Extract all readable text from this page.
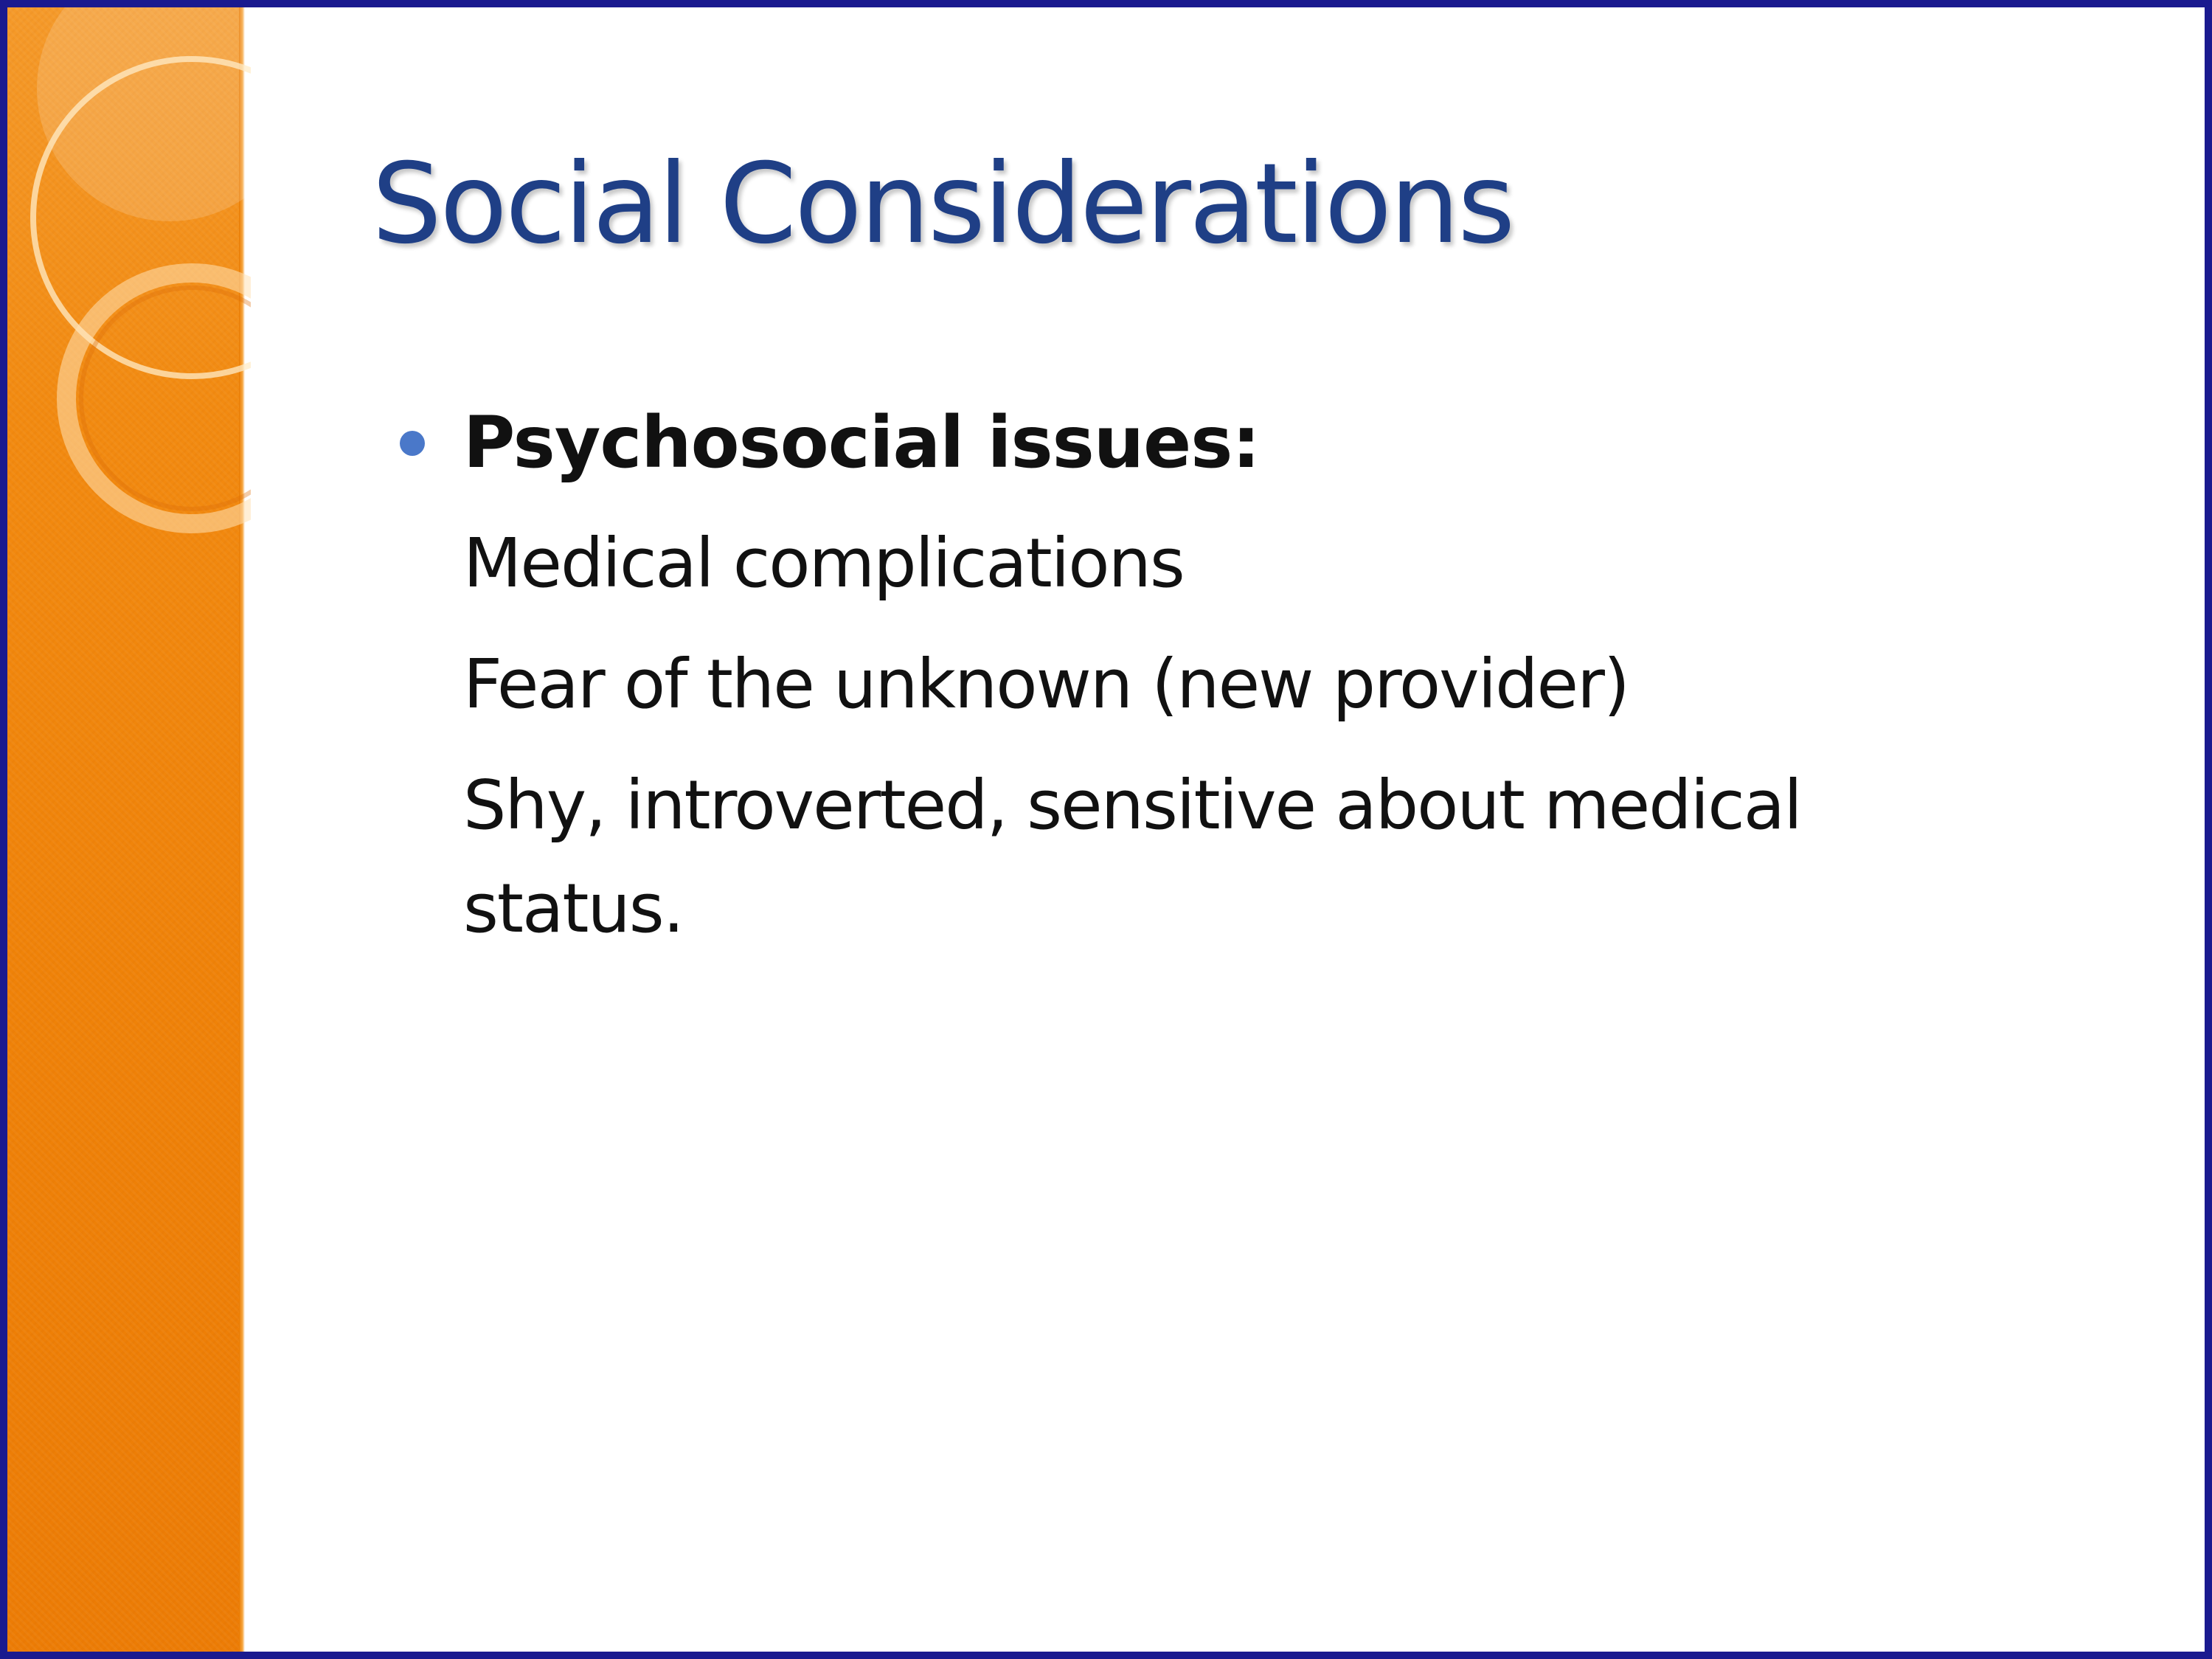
Social Considerations
Psychosocial issues:
Medical complications
Fear of the unknown (new provider)
Shy, introverted, sensitive about medical status.
